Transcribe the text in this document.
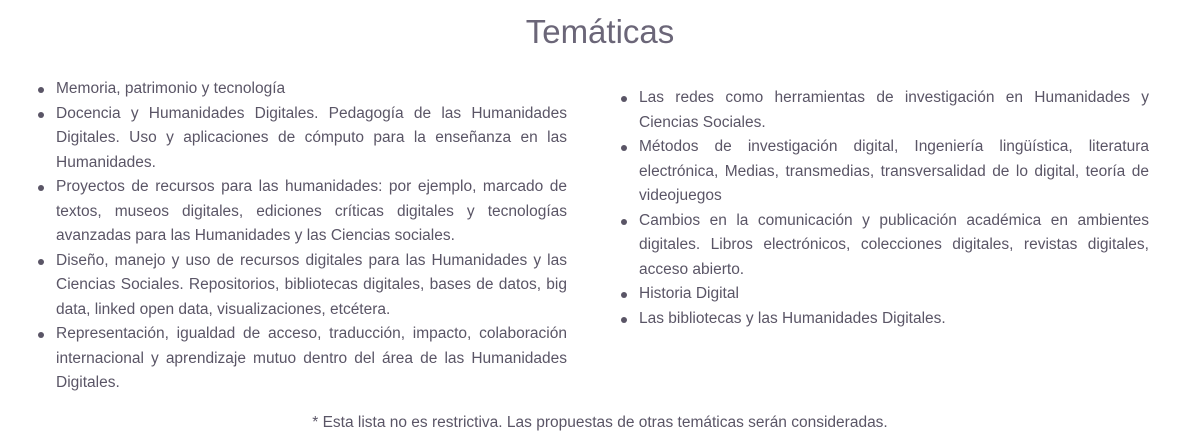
Temáticas
Memoria, patrimonio y tecnología
Docencia y Humanidades Digitales. Pedagogía de las Humanidades Digitales. Uso y aplicaciones de cómputo para la enseñanza en las Humanidades.
Proyectos de recursos para las humanidades: por ejemplo, marcado de textos, museos digitales, ediciones críticas digitales y tecnologías avanzadas para las Humanidades y las Ciencias sociales.
Diseño, manejo y uso de recursos digitales para las Humanidades y las Ciencias Sociales. Repositorios, bibliotecas digitales, bases de datos, big data, linked open data, visualizaciones, etcétera.
Representación, igualdad de acceso, traducción, impacto, colaboración internacional y aprendizaje mutuo dentro del área de las Humanidades Digitales.
Las redes como herramientas de investigación en Humanidades y Ciencias Sociales.
Métodos de investigación digital, Ingeniería lingüística, literatura electrónica, Medias, transmedias, transversalidad de lo digital, teoría de videojuegos
Cambios en la comunicación y publicación académica en ambientes digitales. Libros electrónicos, colecciones digitales, revistas digitales, acceso abierto.
Historia Digital
Las bibliotecas y las Humanidades Digitales.

* Esta lista no es restrictiva. Las propuestas de otras temáticas serán consideradas.
